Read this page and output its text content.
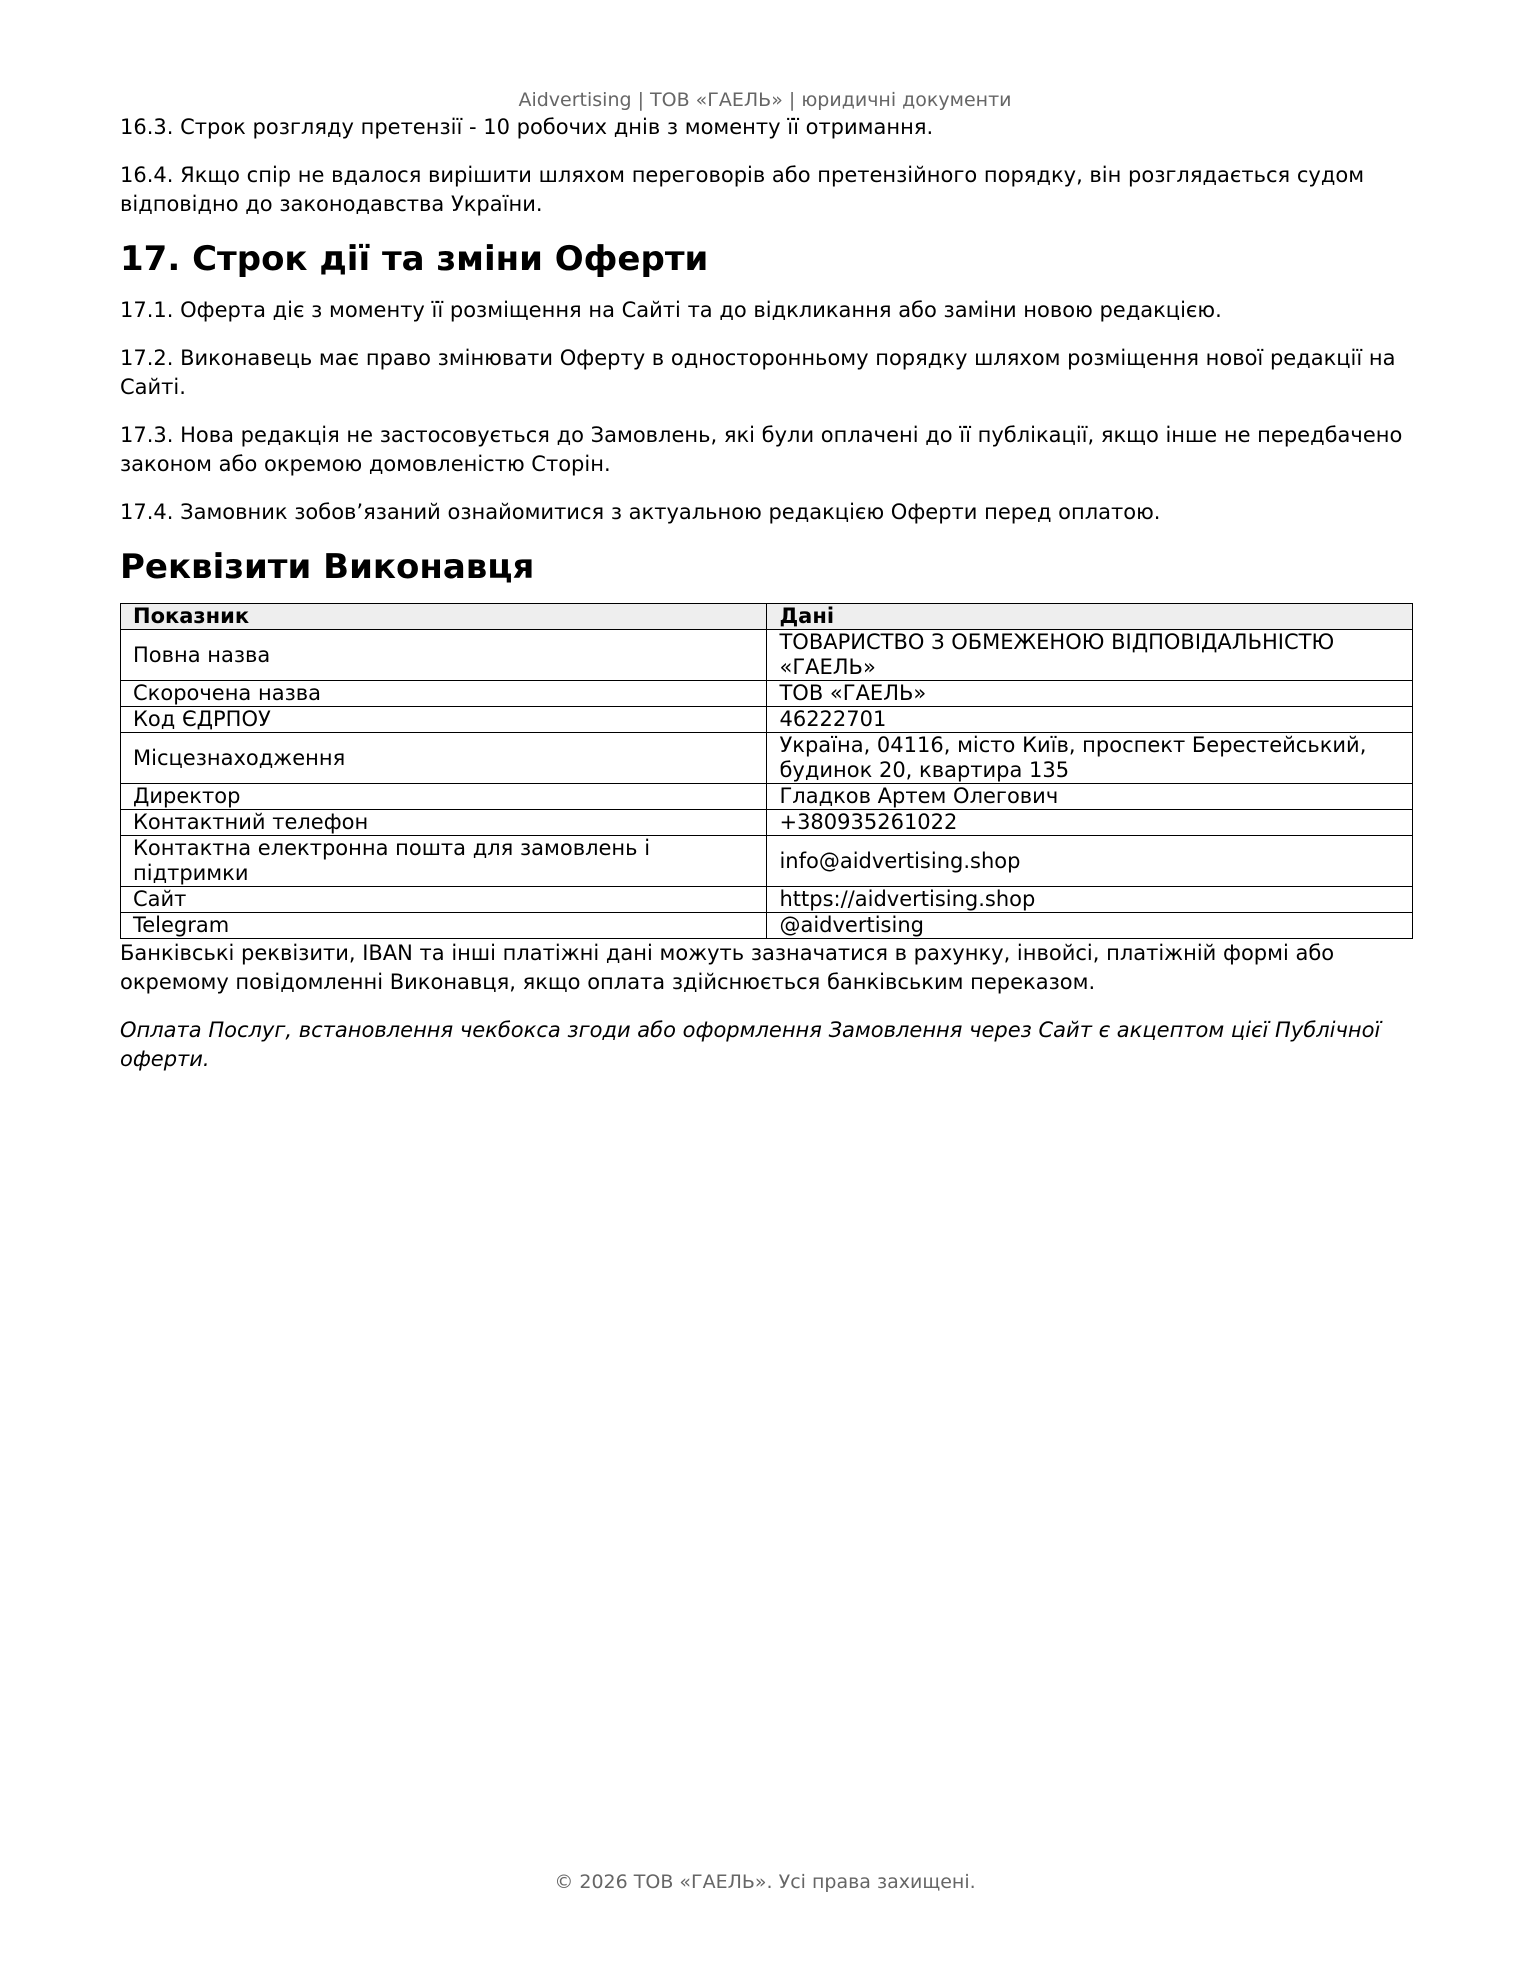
Aidvertising | ТОВ «ГАЕЛЬ» | юридичні документи

16.3. Строк розгляду претензії - 10 робочих днів з моменту її отримання.

16.4. Якщо спір не вдалося вирішити шляхом переговорів або претензійного порядку, він розглядається судом відповідно до законодавства України.

17. Строк дії та зміни Оферти

17.1. Оферта діє з моменту її розміщення на Сайті та до відкликання або заміни новою редакцією.

17.2. Виконавець має право змінювати Оферту в односторонньому порядку шляхом розміщення нової редакції на Сайті.

17.3. Нова редакція не застосовується до Замовлень, які були оплачені до її публікації, якщо інше не передбачено законом або окремою домовленістю Сторін.

17.4. Замовник зобов’язаний ознайомитися з актуальною редакцією Оферти перед оплатою.

Реквізити Виконавця
Показник	Дані
Повна назва	ТОВАРИСТВО З ОБМЕЖЕНОЮ ВІДПОВІДАЛЬНІСТЮ «ГАЕЛЬ»
Скорочена назва	ТОВ «ГАЕЛЬ»
Код ЄДРПОУ	46222701
Місцезнаходження	Україна, 04116, місто Київ, проспект Берестейський, будинок 20, квартира 135
Директор	Гладков Артем Олегович
Контактний телефон	+380935261022
Контактна електронна пошта для замовлень і підтримки	info@aidvertising.shop
Сайт	https://aidvertising.shop
Telegram	@aidvertising

Банківські реквізити, IBAN та інші платіжні дані можуть зазначатися в рахунку, інвойсі, платіжній формі або окремому повідомленні Виконавця, якщо оплата здійснюється банківським переказом.

Оплата Послуг, встановлення чекбокса згоди або оформлення Замовлення через Сайт є акцептом цієї Публічної оферти.

© 2026 ТОВ «ГАЕЛЬ». Усі права захищені.
